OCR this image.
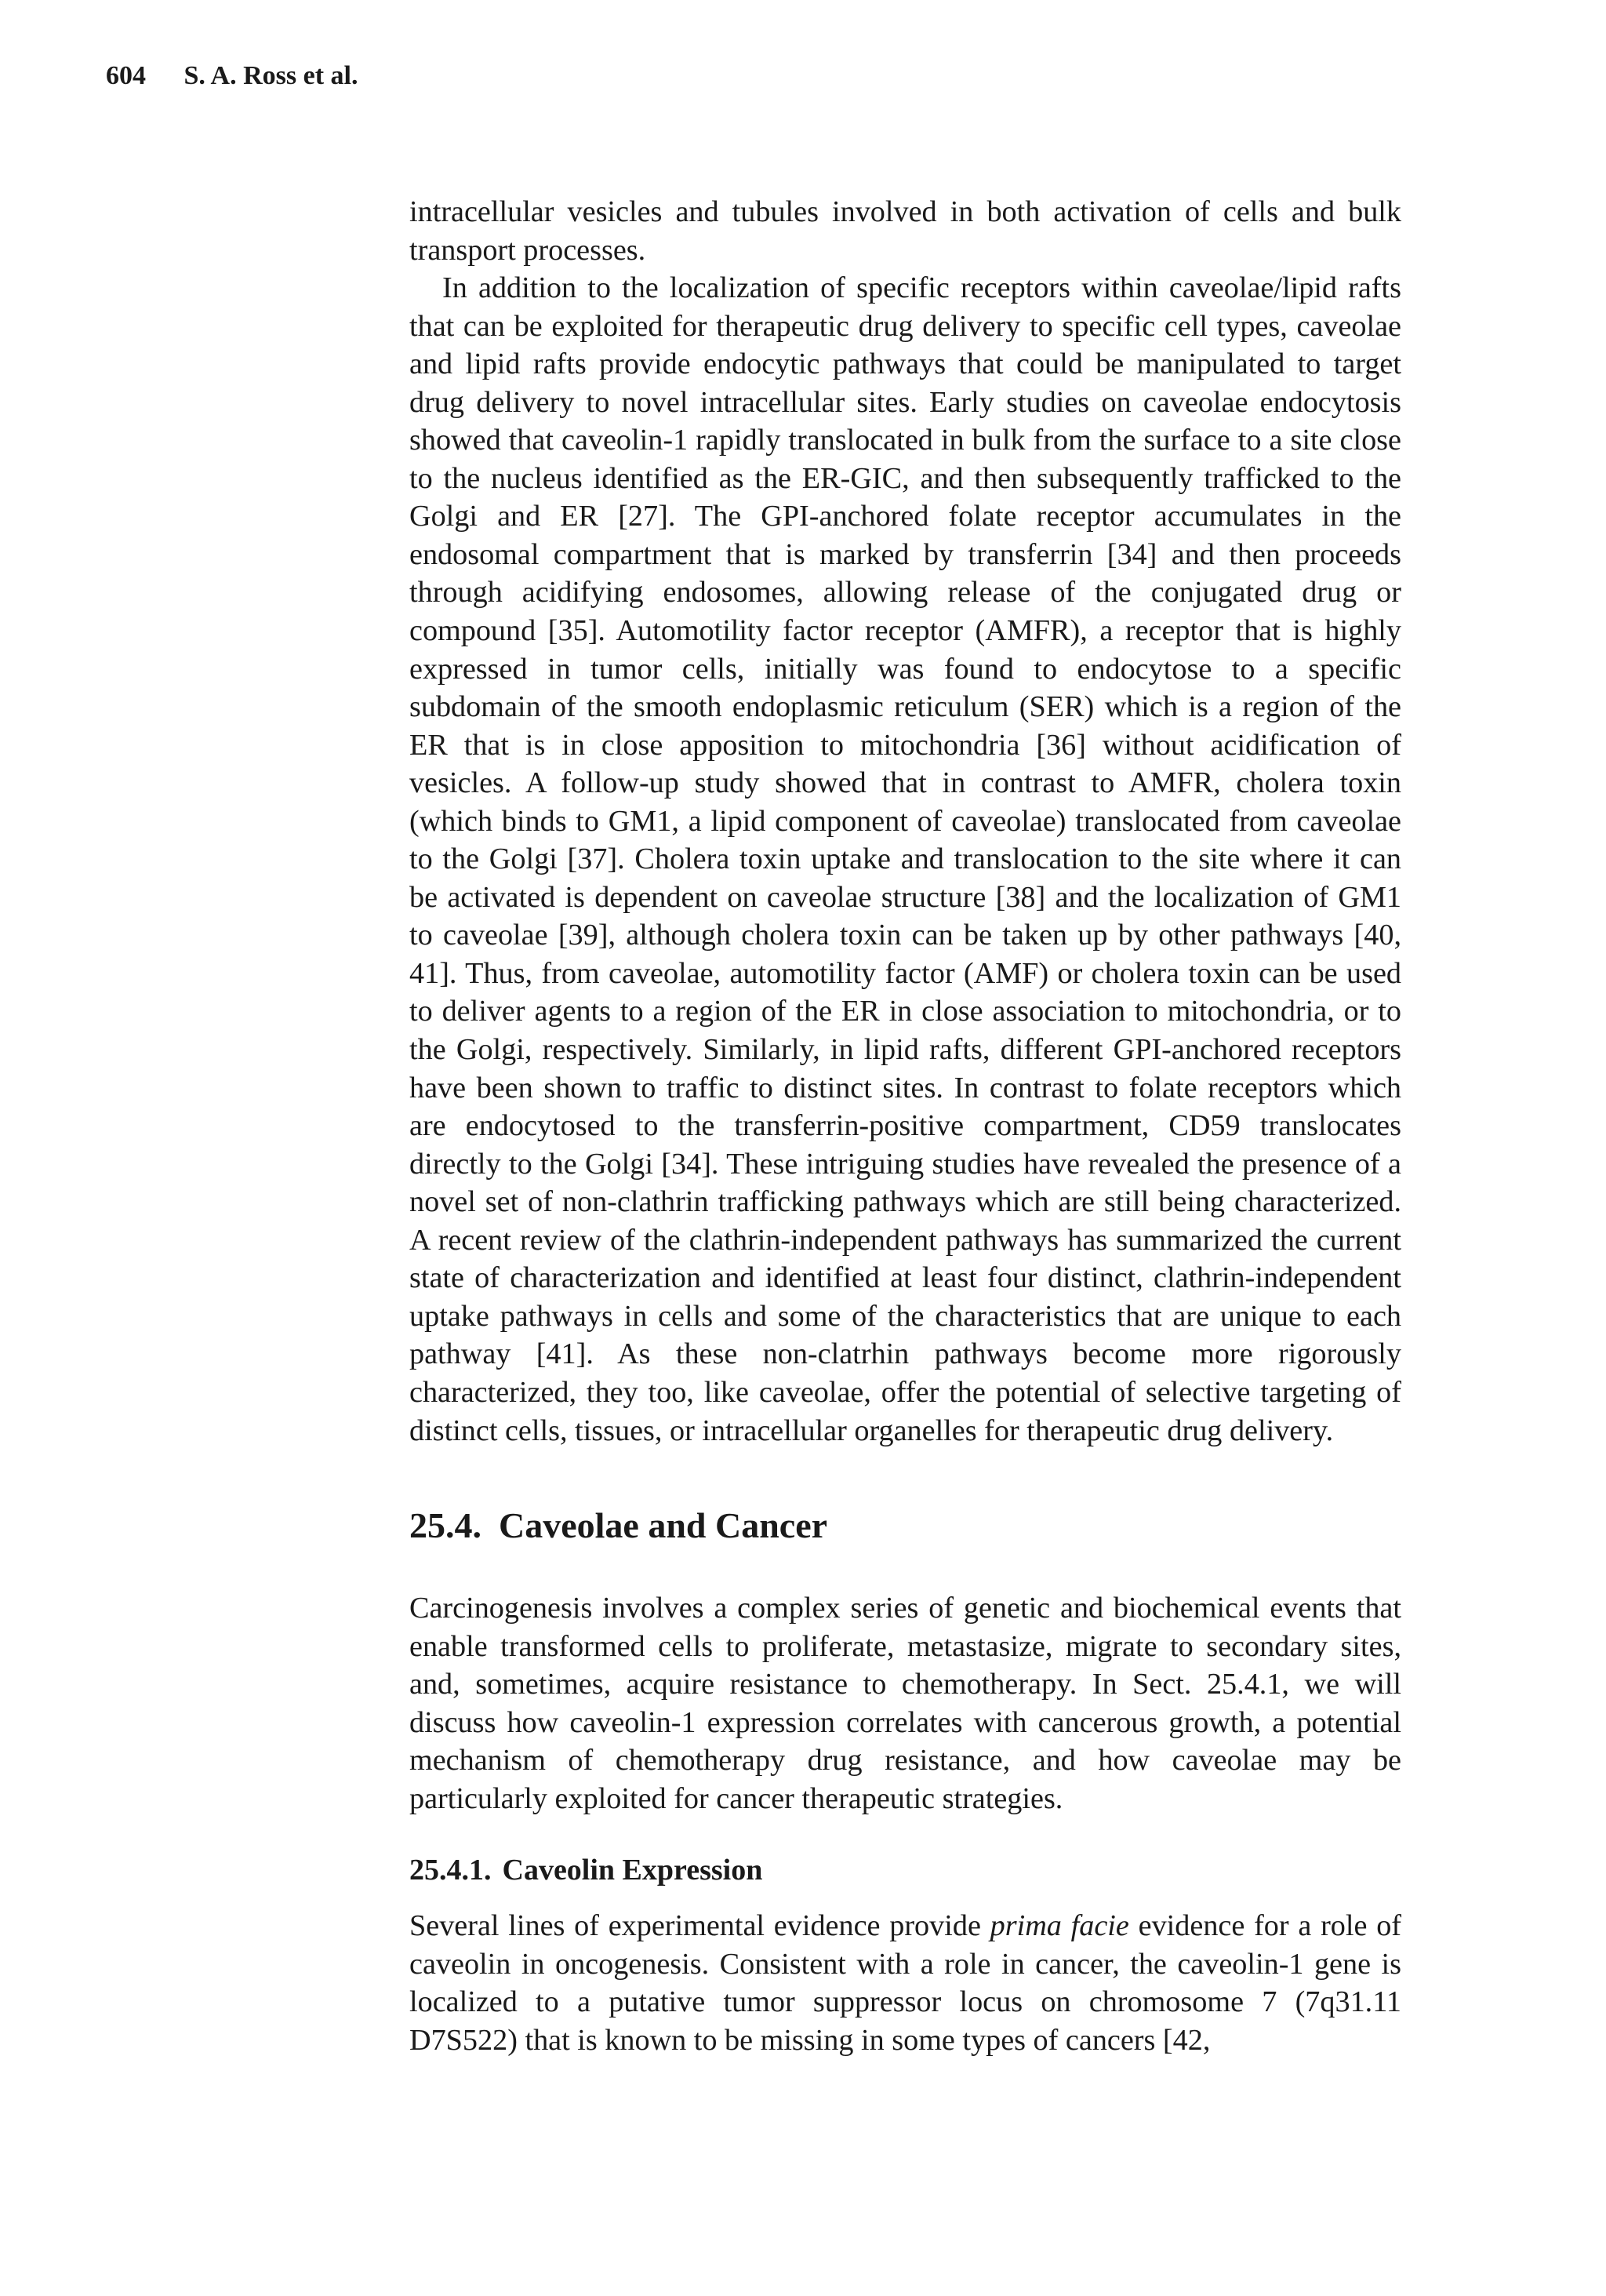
604 S. A. Ross et al.

intracellular vesicles and tubules involved in both activation of cells and bulk transport processes.

In addition to the localization of specific receptors within caveolae/lipid rafts that can be exploited for therapeutic drug delivery to specific cell types, caveolae and lipid rafts provide endocytic pathways that could be manipulated to target drug delivery to novel intracellular sites. Early studies on caveolae endocytosis showed that caveolin-1 rapidly translocated in bulk from the surface to a site close to the nucleus identified as the ER-GIC, and then subsequently trafficked to the Golgi and ER [27]. The GPI-anchored folate receptor accumulates in the endosomal compartment that is marked by transferrin [34] and then proceeds through acidifying endosomes, allowing release of the conjugated drug or compound [35]. Automotility factor receptor (AMFR), a receptor that is highly expressed in tumor cells, initially was found to endocytose to a specific subdomain of the smooth endoplasmic reticulum (SER) which is a region of the ER that is in close apposition to mitochondria [36] without acidification of vesicles. A follow-up study showed that in contrast to AMFR, cholera toxin (which binds to GM1, a lipid component of caveolae) translocated from caveolae to the Golgi [37]. Cholera toxin uptake and translocation to the site where it can be activated is dependent on caveolae structure [38] and the localization of GM1 to caveolae [39], although cholera toxin can be taken up by other pathways [40, 41]. Thus, from caveolae, automotility factor (AMF) or cholera toxin can be used to deliver agents to a region of the ER in close association to mitochondria, or to the Golgi, respectively. Similarly, in lipid rafts, different GPI-anchored receptors have been shown to traffic to distinct sites. In contrast to folate receptors which are endocytosed to the transferrin-positive compartment, CD59 translocates directly to the Golgi [34]. These intriguing studies have revealed the presence of a novel set of non-clathrin trafficking pathways which are still being characterized. A recent review of the clathrin-independent pathways has summarized the current state of characterization and identified at least four distinct, clathrin-independent uptake pathways in cells and some of the characteristics that are unique to each pathway [41]. As these non-clatrhin pathways become more rigorously characterized, they too, like caveolae, offer the potential of selective targeting of distinct cells, tissues, or intracellular organelles for therapeutic drug delivery.

25.4. Caveolae and Cancer

Carcinogenesis involves a complex series of genetic and biochemical events that enable transformed cells to proliferate, metastasize, migrate to secondary sites, and, sometimes, acquire resistance to chemotherapy. In Sect. 25.4.1, we will discuss how caveolin-1 expression correlates with cancerous growth, a potential mechanism of chemotherapy drug resistance, and how caveolae may be particularly exploited for cancer therapeutic strategies.

25.4.1. Caveolin Expression

Several lines of experimental evidence provide prima facie evidence for a role of caveolin in oncogenesis. Consistent with a role in cancer, the caveolin-1 gene is localized to a putative tumor suppressor locus on chromosome 7 (7q31.11 D7S522) that is known to be missing in some types of cancers [42,
